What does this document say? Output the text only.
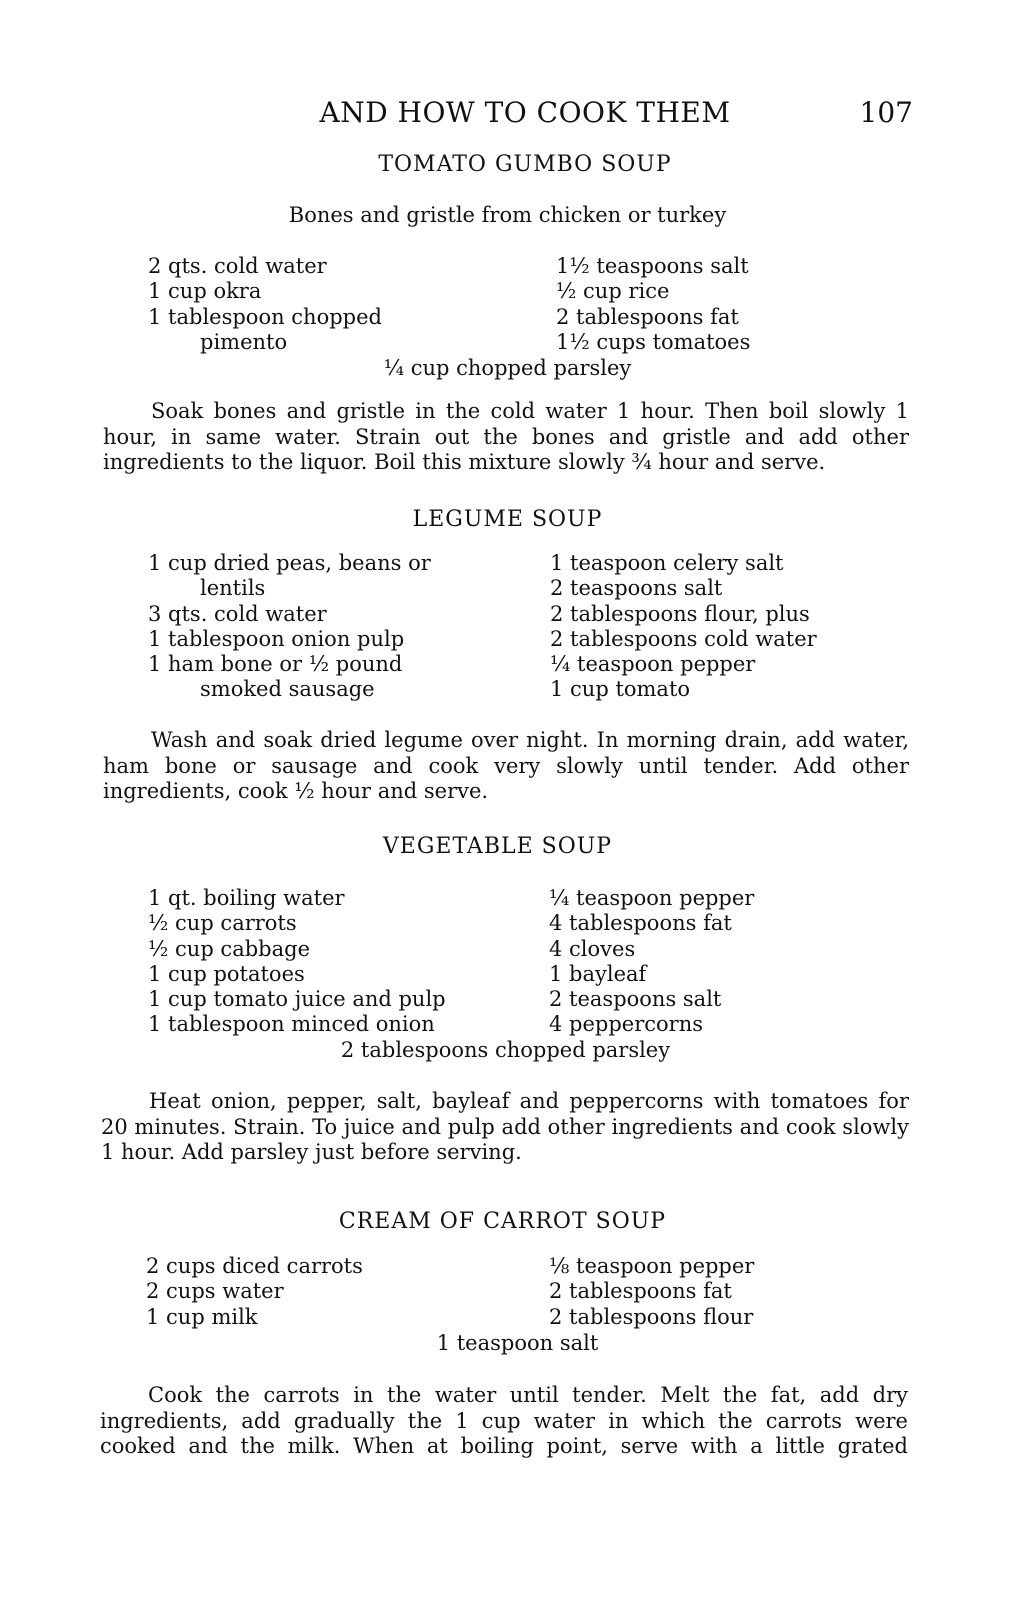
AND HOW TO COOK THEM	107
TOMATO GUMBO SOUP
Bones and gristle from chicken or turkey
2 qts. cold water
1 cup okra
1 tablespoon chopped
pimento
1½ teaspoons salt
½ cup rice
2 tablespoons fat
1½ cups tomatoes
¼ cup chopped parsley
Soak bones and gristle in the cold water 1 hour. Then boil slowly 1 hour, in same water. Strain out the bones and gristle and add other ingredients to the liquor. Boil this mixture slowly ¾ hour and serve.
LEGUME SOUP
1 cup dried peas, beans or
lentils
3 qts. cold water
1 tablespoon onion pulp
1 ham bone or ½ pound
smoked sausage
1 teaspoon celery salt
2 teaspoons salt
2 tablespoons flour, plus
2 tablespoons cold water
¼ teaspoon pepper
1 cup tomato
Wash and soak dried legume over night. In morning drain, add water, ham bone or sausage and cook very slowly until tender. Add other ingredients, cook ½ hour and serve.
VEGETABLE SOUP
1 qt. boiling water
½ cup carrots
½ cup cabbage
1 cup potatoes
1 cup tomato juice and pulp
1 tablespoon minced onion
¼ teaspoon pepper
4 tablespoons fat
4 cloves
1 bayleaf
2 teaspoons salt
4 peppercorns
2 tablespoons chopped parsley
Heat onion, pepper, salt, bayleaf and peppercorns with tomatoes for 20 minutes. Strain. To juice and pulp add other ingredients and cook slowly 1 hour. Add parsley just before serving.
CREAM OF CARROT SOUP
2 cups diced carrots
2 cups water
1 cup milk
⅛ teaspoon pepper
2 tablespoons fat
2 tablespoons flour
1 teaspoon salt
Cook the carrots in the water until tender. Melt the fat, add dry ingredients, add gradually the 1 cup water in which the carrots were cooked and the milk. When at boiling point, serve with a little grated
